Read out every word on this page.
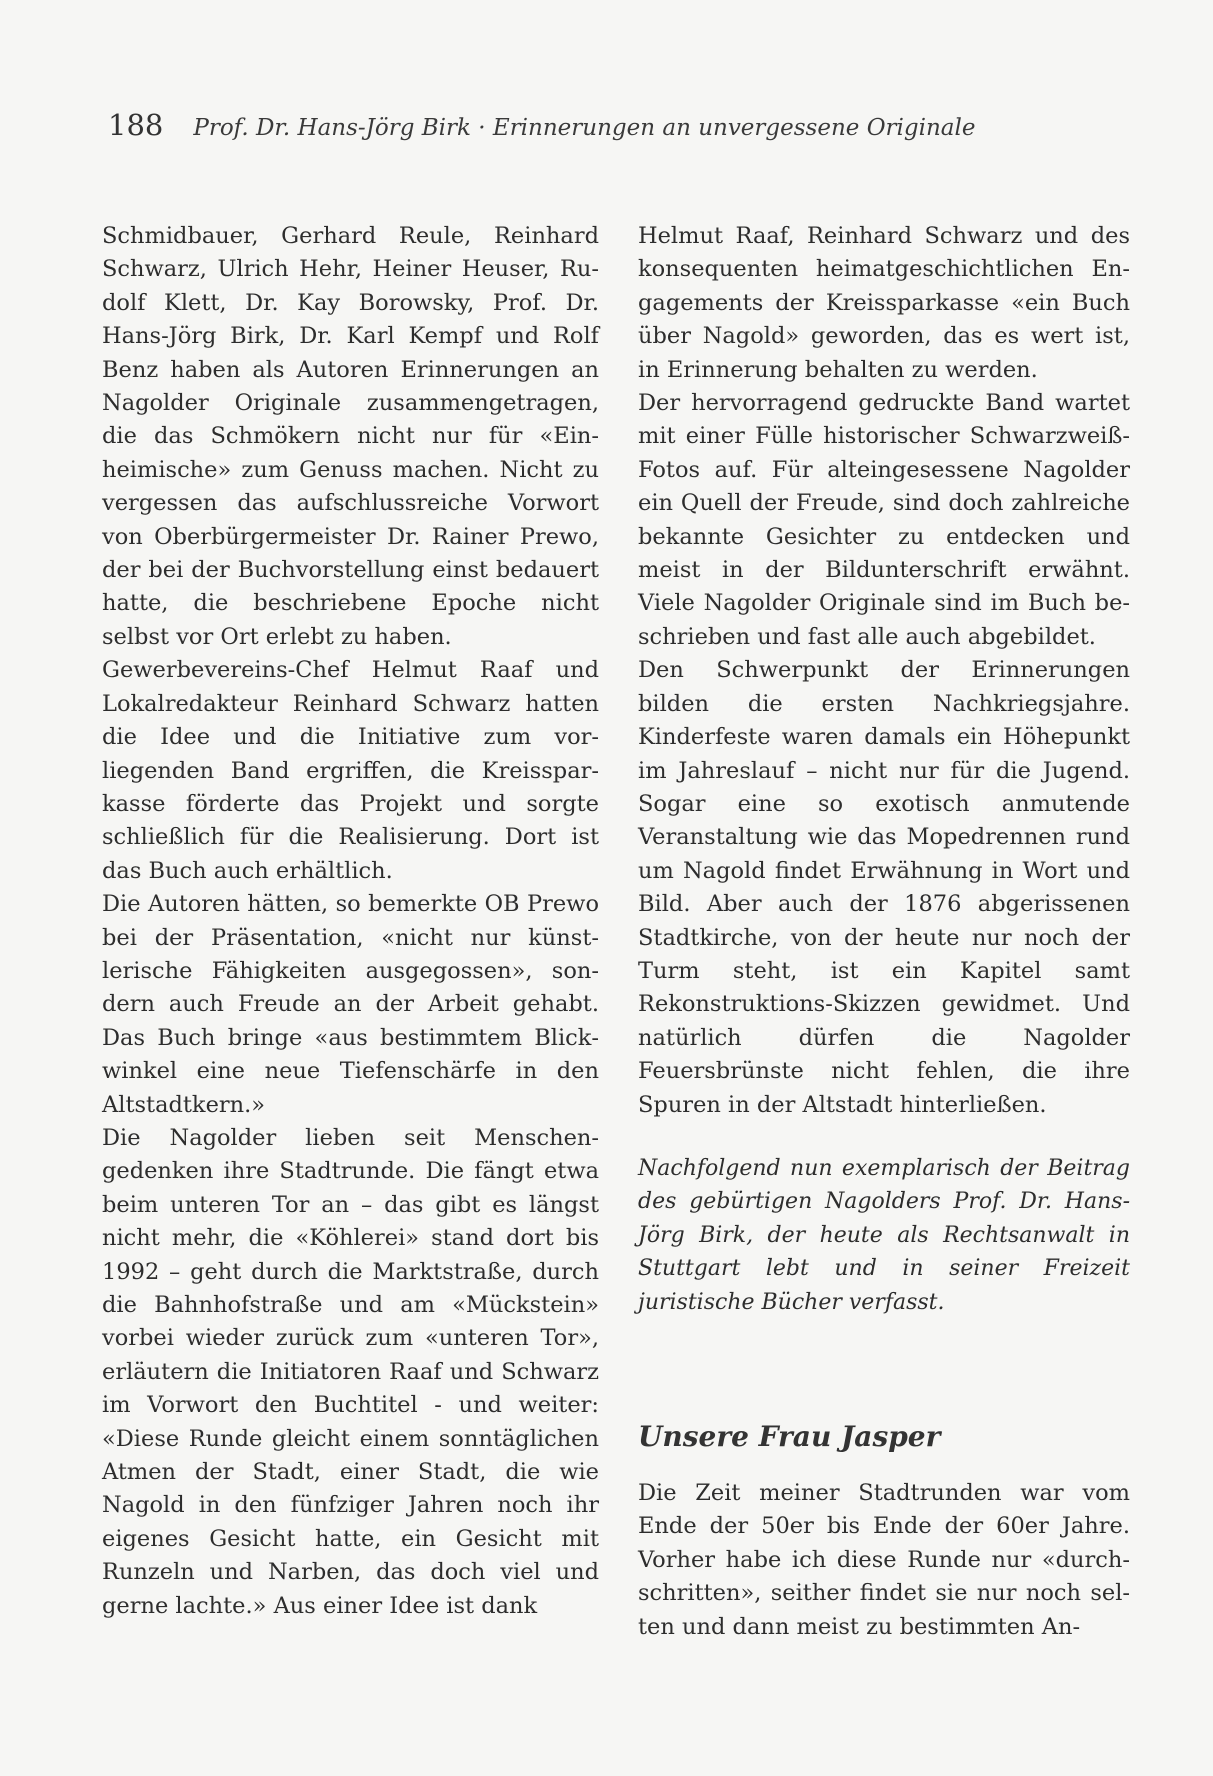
188 Prof. Dr. Hans-Jörg Birk · Erinnerungen an unvergessene Originale

Schmidbauer, Gerhard Reule, Reinhard Schwarz, Ulrich Hehr, Heiner Heuser, Rudolf Klett, Dr. Kay Borowsky, Prof. Dr. Hans-Jörg Birk, Dr. Karl Kempf und Rolf Benz haben als Autoren Erinnerungen an Nagolder Originale zusammengetragen, die das Schmökern nicht nur für «Einheimische» zum Genuss machen. Nicht zu vergessen das aufschlussreiche Vorwort von Oberbürgermeister Dr. Rainer Prewo, der bei der Buchvorstellung einst bedauert hatte, die beschriebene Epoche nicht selbst vor Ort erlebt zu haben.

Gewerbevereins-Chef Helmut Raaf und Lokalredakteur Reinhard Schwarz hatten die Idee und die Initiative zum vorliegenden Band ergriffen, die Kreissparkasse förderte das Projekt und sorgte schließlich für die Realisierung. Dort ist das Buch auch erhältlich.

Die Autoren hätten, so bemerkte OB Prewo bei der Präsentation, «nicht nur künstlerische Fähigkeiten ausgegossen», sondern auch Freude an der Arbeit gehabt. Das Buch bringe «aus bestimmtem Blickwinkel eine neue Tiefenschärfe in den Altstadtkern.»

Die Nagolder lieben seit Menschengedenken ihre Stadtrunde. Die fängt etwa beim unteren Tor an – das gibt es längst nicht mehr, die «Köhlerei» stand dort bis 1992 – geht durch die Marktstraße, durch die Bahnhofstraße und am «Mückstein» vorbei wieder zurück zum «unteren Tor», erläutern die Initiatoren Raaf und Schwarz im Vorwort den Buchtitel - und weiter: «Diese Runde gleicht einem sonntäglichen Atmen der Stadt, einer Stadt, die wie Nagold in den fünfziger Jahren noch ihr eigenes Gesicht hatte, ein Gesicht mit Runzeln und Narben, das doch viel und gerne lachte.» Aus einer Idee ist dank

Helmut Raaf, Reinhard Schwarz und des konsequenten heimatgeschichtlichen Engagements der Kreissparkasse «ein Buch über Nagold» geworden, das es wert ist, in Erinnerung behalten zu werden.

Der hervorragend gedruckte Band wartet mit einer Fülle historischer Schwarzweiß-Fotos auf. Für alteingesessene Nagolder ein Quell der Freude, sind doch zahlreiche bekannte Gesichter zu entdecken und meist in der Bildunterschrift erwähnt. Viele Nagolder Originale sind im Buch beschrieben und fast alle auch abgebildet.

Den Schwerpunkt der Erinnerungen bilden die ersten Nachkriegsjahre. Kinderfeste waren damals ein Höhepunkt im Jahreslauf – nicht nur für die Jugend. Sogar eine so exotisch anmutende Veranstaltung wie das Mopedrennen rund um Nagold findet Erwähnung in Wort und Bild. Aber auch der 1876 abgerissenen Stadtkirche, von der heute nur noch der Turm steht, ist ein Kapitel samt Rekonstruktions-Skizzen gewidmet. Und natürlich dürfen die Nagolder Feuersbrünste nicht fehlen, die ihre Spuren in der Altstadt hinterließen.

Nachfolgend nun exemplarisch der Beitrag des gebürtigen Nagolders Prof. Dr. Hans-Jörg Birk, der heute als Rechtsanwalt in Stuttgart lebt und in seiner Freizeit juristische Bücher verfasst.

Unsere Frau Jasper

Die Zeit meiner Stadtrunden war vom Ende der 50er bis Ende der 60er Jahre. Vorher habe ich diese Runde nur «durchschritten», seither findet sie nur noch selten und dann meist zu bestimmten An-
